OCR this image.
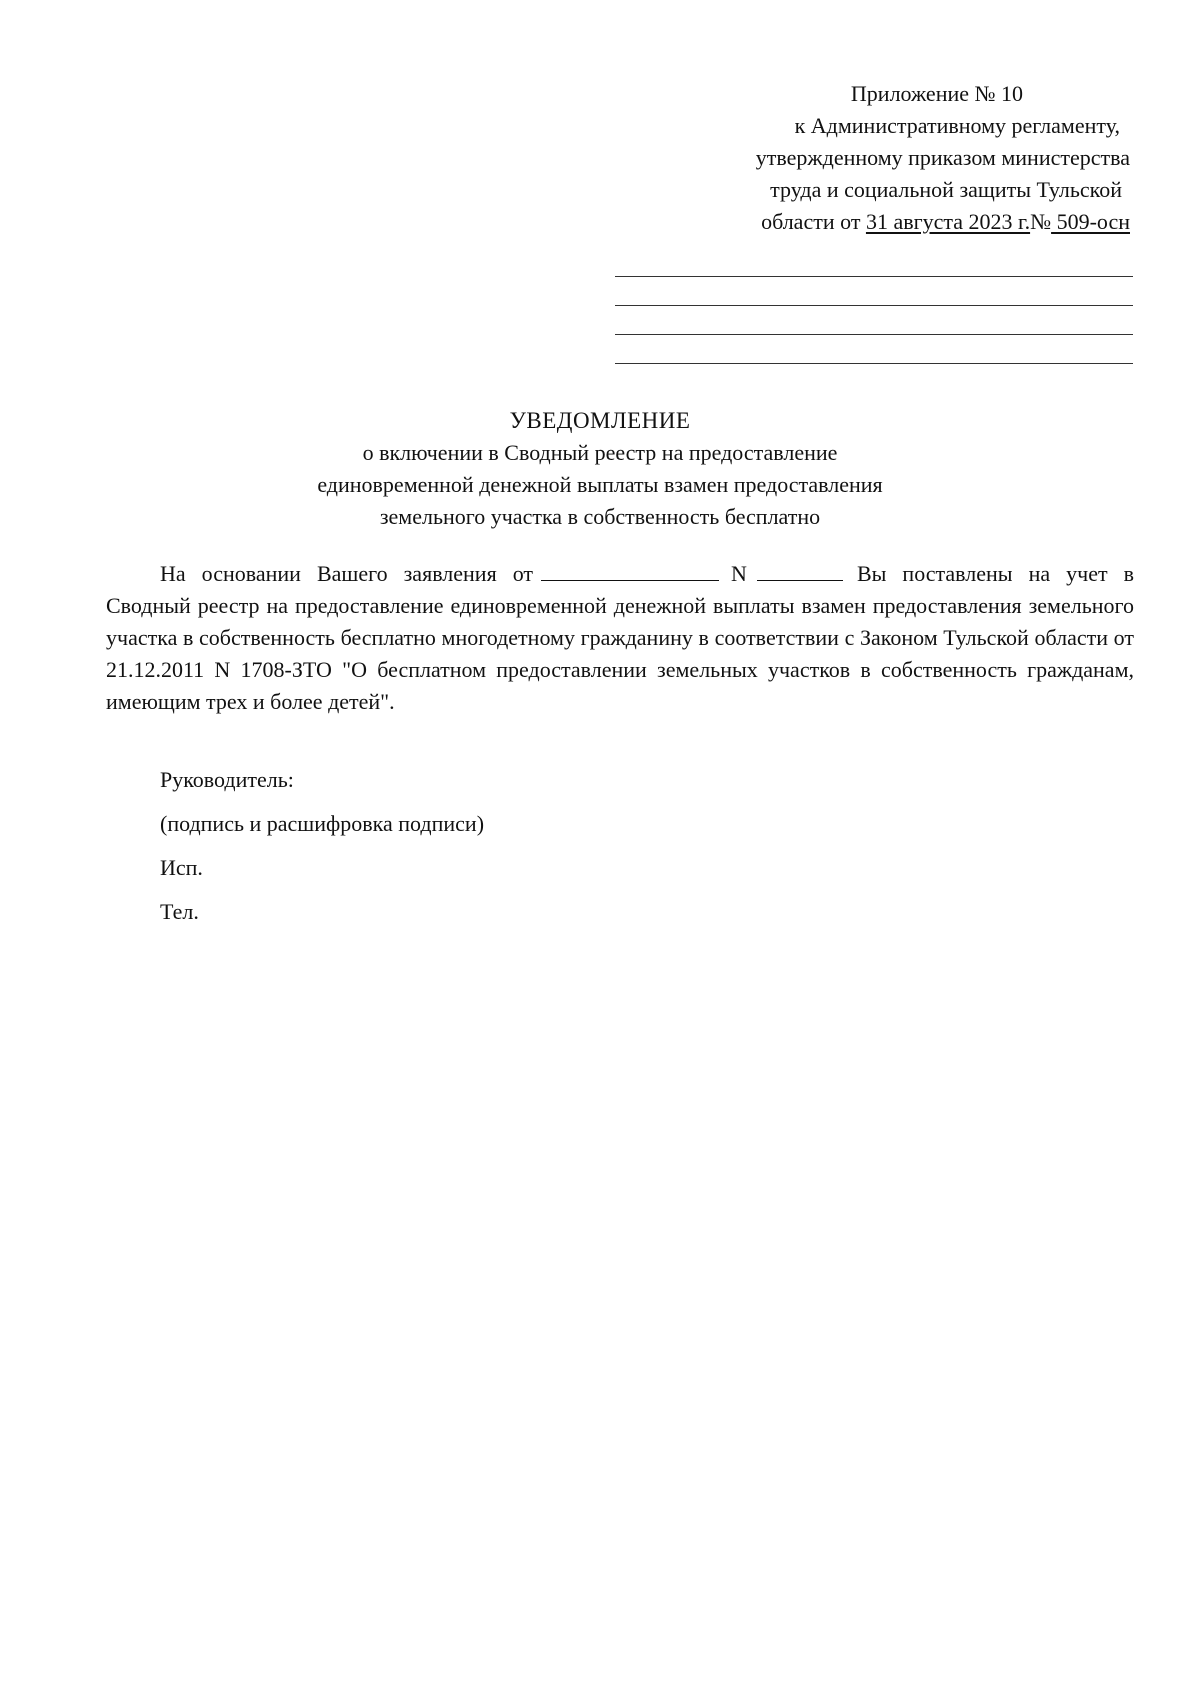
Приложение № 10
к Административному регламенту,
утвержденному приказом министерства
труда и социальной защиты Тульской
области от 31 августа 2023 г.№ 509-осн
УВЕДОМЛЕНИЕ
о включении в Сводный реестр на предоставление
единовременной денежной выплаты взамен предоставления
земельного участка в собственность бесплатно

На основании Вашего заявления от	N	Вы поставлены на учет в Сводный реестр на предоставление единовременной денежной выплаты взамен предоставления земельного участка в собственность бесплатно многодетному гражданину в соответствии с Законом Тульской области от 21.12.2011 N 1708-ЗТО "О бесплатном предоставлении земельных участков в собственность гражданам, имеющим трех и более детей".

Руководитель:
(подпись и расшифровка подписи)
Исп.
Тел.
